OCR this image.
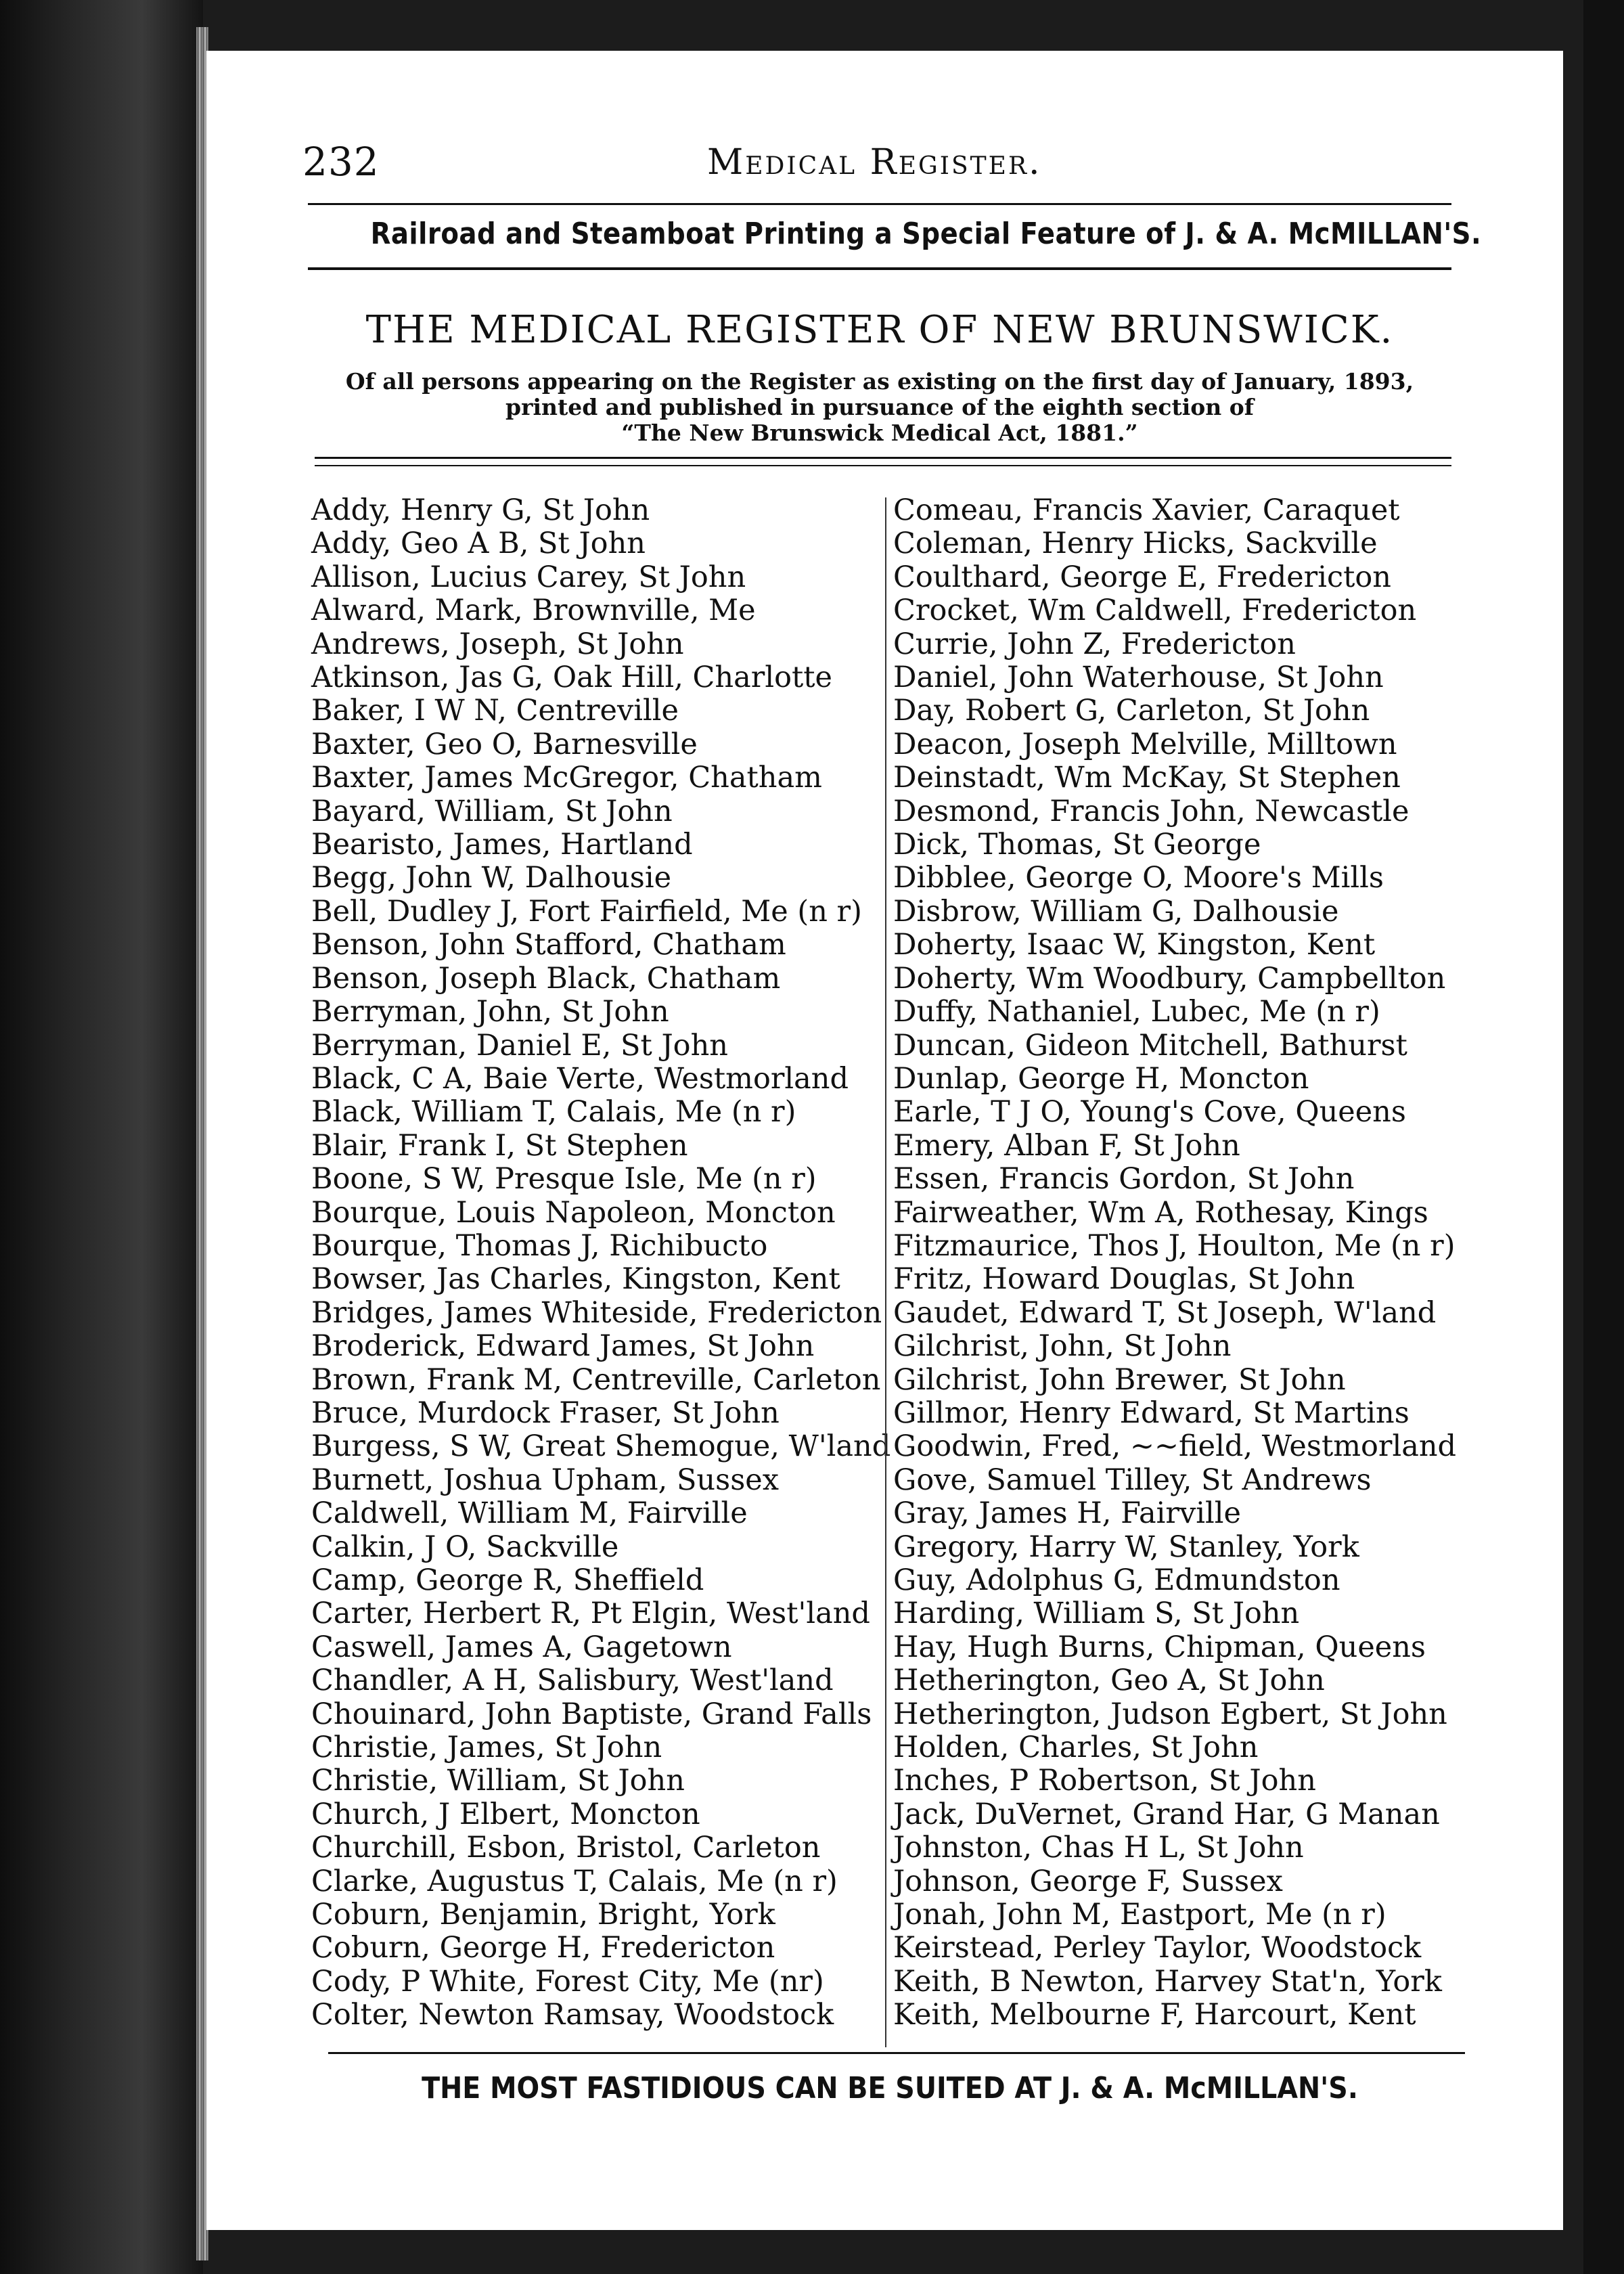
232	Medical Register.
Railroad and Steamboat Printing a Special Feature of J. & A. McMILLAN'S.
THE MEDICAL REGISTER OF NEW BRUNSWICK.
Of all persons appearing on the Register as existing on the first day of January, 1893,
printed and published in pursuance of the eighth section of
“The New Brunswick Medical Act, 1881.”
Addy, Henry G, St John
Addy, Geo A B, St John
Allison, Lucius Carey, St John
Alward, Mark, Brownville, Me
Andrews, Joseph, St John
Atkinson, Jas G, Oak Hill, Charlotte
Baker, I W N, Centreville
Baxter, Geo O, Barnesville
Baxter, James McGregor, Chatham
Bayard, William, St John
Bearisto, James, Hartland
Begg, John W, Dalhousie
Bell, Dudley J, Fort Fairfield, Me (n r)
Benson, John Stafford, Chatham
Benson, Joseph Black, Chatham
Berryman, John, St John
Berryman, Daniel E, St John
Black, C A, Baie Verte, Westmorland
Black, William T, Calais, Me (n r)
Blair, Frank I, St Stephen
Boone, S W, Presque Isle, Me (n r)
Bourque, Louis Napoleon, Moncton
Bourque, Thomas J, Richibucto
Bowser, Jas Charles, Kingston, Kent
Bridges, James Whiteside, Fredericton
Broderick, Edward James, St John
Brown, Frank M, Centreville, Carleton
Bruce, Murdock Fraser, St John
Burgess, S W, Great Shemogue, W'land
Burnett, Joshua Upham, Sussex
Caldwell, William M, Fairville
Calkin, J O, Sackville
Camp, George R, Sheffield
Carter, Herbert R, Pt Elgin, West'land
Caswell, James A, Gagetown
Chandler, A H, Salisbury, West'land
Chouinard, John Baptiste, Grand Falls
Christie, James, St John
Christie, William, St John
Church, J Elbert, Moncton
Churchill, Esbon, Bristol, Carleton
Clarke, Augustus T, Calais, Me (n r)
Coburn, Benjamin, Bright, York
Coburn, George H, Fredericton
Cody, P White, Forest City, Me (nr)
Colter, Newton Ramsay, Woodstock
Comeau, Francis Xavier, Caraquet
Coleman, Henry Hicks, Sackville
Coulthard, George E, Fredericton
Crocket, Wm Caldwell, Fredericton
Currie, John Z, Fredericton
Daniel, John Waterhouse, St John
Day, Robert G, Carleton, St John
Deacon, Joseph Melville, Milltown
Deinstadt, Wm McKay, St Stephen
Desmond, Francis John, Newcastle
Dick, Thomas, St George
Dibblee, George O, Moore's Mills
Disbrow, William G, Dalhousie
Doherty, Isaac W, Kingston, Kent
Doherty, Wm Woodbury, Campbellton
Duffy, Nathaniel, Lubec, Me (n r)
Duncan, Gideon Mitchell, Bathurst
Dunlap, George H, Moncton
Earle, T J O, Young's Cove, Queens
Emery, Alban F, St John
Essen, Francis Gordon, St John
Fairweather, Wm A, Rothesay, Kings
Fitzmaurice, Thos J, Houlton, Me (n r)
Fritz, Howard Douglas, St John
Gaudet, Edward T, St Joseph, W'land
Gilchrist, John, St John
Gilchrist, John Brewer, St John
Gillmor, Henry Edward, St Martins
Goodwin, Fred, ~~field, Westmorland
Gove, Samuel Tilley, St Andrews
Gray, James H, Fairville
Gregory, Harry W, Stanley, York
Guy, Adolphus G, Edmundston
Harding, William S, St John
Hay, Hugh Burns, Chipman, Queens
Hetherington, Geo A, St John
Hetherington, Judson Egbert, St John
Holden, Charles, St John
Inches, P Robertson, St John
Jack, DuVernet, Grand Har, G Manan
Johnston, Chas H L, St John
Johnson, George F, Sussex
Jonah, John M, Eastport, Me (n r)
Keirstead, Perley Taylor, Woodstock
Keith, B Newton, Harvey Stat'n, York
Keith, Melbourne F, Harcourt, Kent
THE MOST FASTIDIOUS CAN BE SUITED AT J. & A. McMILLAN'S.
